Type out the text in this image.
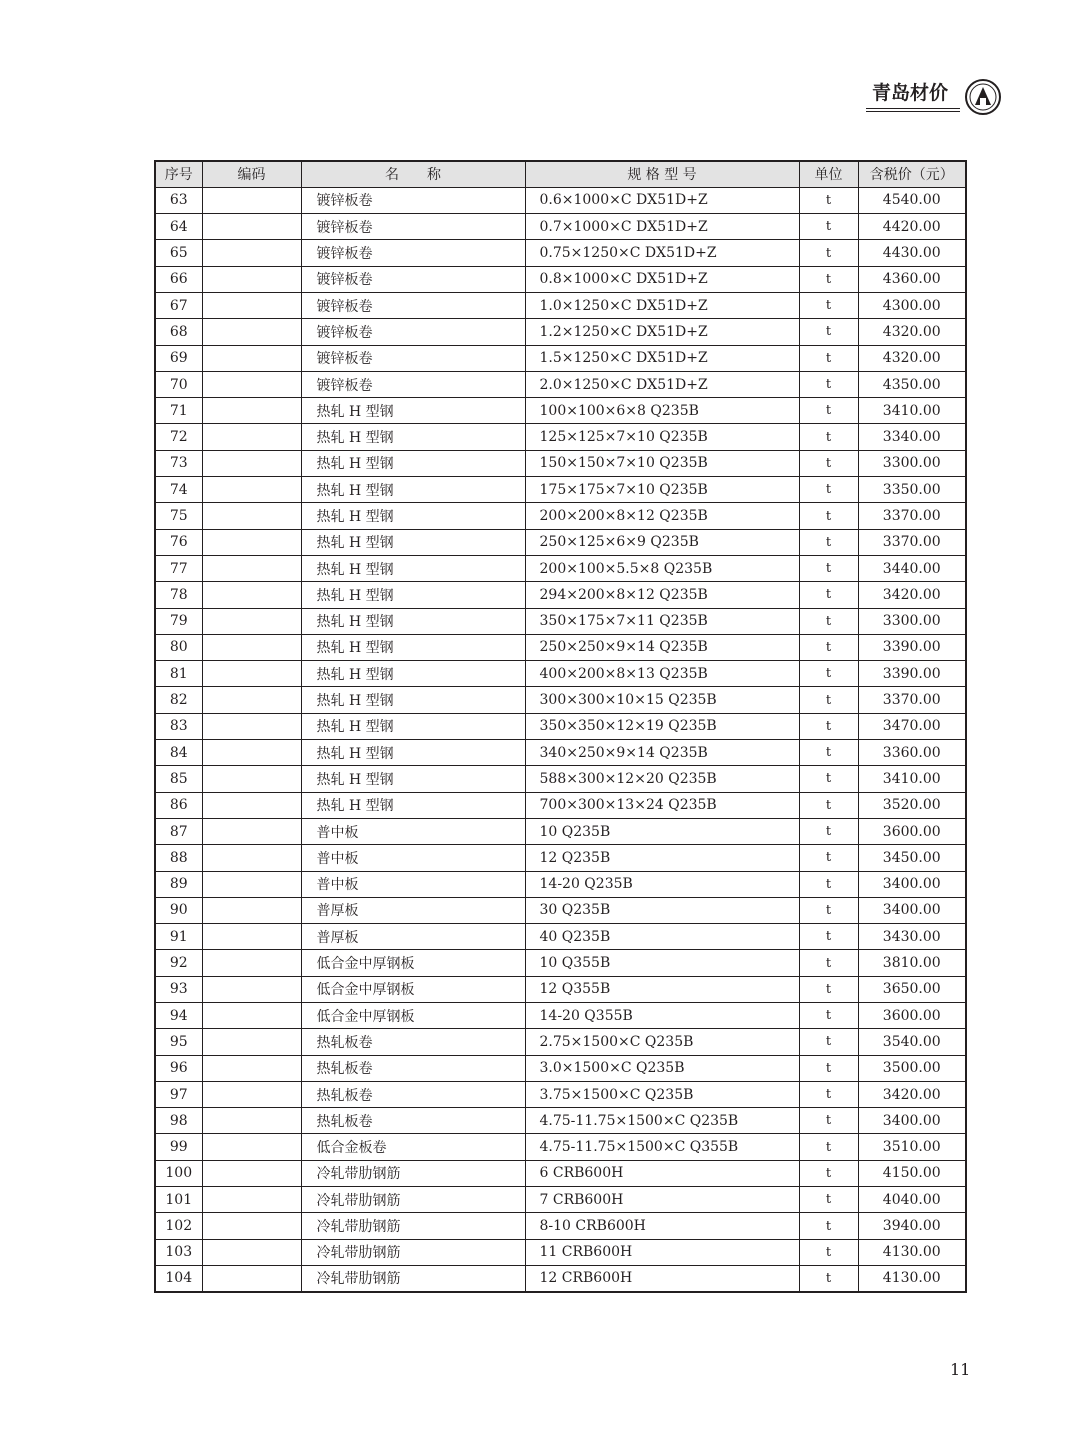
青岛材价
序号	编码	名　　称	规 格 型 号	单位	含税价（元）
63		镀锌板卷	0.6×1000×C DX51D+Z	t	4540.00
64		镀锌板卷	0.7×1000×C DX51D+Z	t	4420.00
65		镀锌板卷	0.75×1250×C DX51D+Z	t	4430.00
66		镀锌板卷	0.8×1000×C DX51D+Z	t	4360.00
67		镀锌板卷	1.0×1250×C DX51D+Z	t	4300.00
68		镀锌板卷	1.2×1250×C DX51D+Z	t	4320.00
69		镀锌板卷	1.5×1250×C DX51D+Z	t	4320.00
70		镀锌板卷	2.0×1250×C DX51D+Z	t	4350.00
71		热轧 H 型钢	100×100×6×8 Q235B	t	3410.00
72		热轧 H 型钢	125×125×7×10 Q235B	t	3340.00
73		热轧 H 型钢	150×150×7×10 Q235B	t	3300.00
74		热轧 H 型钢	175×175×7×10 Q235B	t	3350.00
75		热轧 H 型钢	200×200×8×12 Q235B	t	3370.00
76		热轧 H 型钢	250×125×6×9 Q235B	t	3370.00
77		热轧 H 型钢	200×100×5.5×8 Q235B	t	3440.00
78		热轧 H 型钢	294×200×8×12 Q235B	t	3420.00
79		热轧 H 型钢	350×175×7×11 Q235B	t	3300.00
80		热轧 H 型钢	250×250×9×14 Q235B	t	3390.00
81		热轧 H 型钢	400×200×8×13 Q235B	t	3390.00
82		热轧 H 型钢	300×300×10×15 Q235B	t	3370.00
83		热轧 H 型钢	350×350×12×19 Q235B	t	3470.00
84		热轧 H 型钢	340×250×9×14 Q235B	t	3360.00
85		热轧 H 型钢	588×300×12×20 Q235B	t	3410.00
86		热轧 H 型钢	700×300×13×24 Q235B	t	3520.00
87		普中板	10 Q235B	t	3600.00
88		普中板	12 Q235B	t	3450.00
89		普中板	14-20 Q235B	t	3400.00
90		普厚板	30 Q235B	t	3400.00
91		普厚板	40 Q235B	t	3430.00
92		低合金中厚钢板	10 Q355B	t	3810.00
93		低合金中厚钢板	12 Q355B	t	3650.00
94		低合金中厚钢板	14-20 Q355B	t	3600.00
95		热轧板卷	2.75×1500×C Q235B	t	3540.00
96		热轧板卷	3.0×1500×C Q235B	t	3500.00
97		热轧板卷	3.75×1500×C Q235B	t	3420.00
98		热轧板卷	4.75-11.75×1500×C Q235B	t	3400.00
99		低合金板卷	4.75-11.75×1500×C Q355B	t	3510.00
100		冷轧带肋钢筋	6 CRB600H	t	4150.00
101		冷轧带肋钢筋	7 CRB600H	t	4040.00
102		冷轧带肋钢筋	8-10 CRB600H	t	3940.00
103		冷轧带肋钢筋	11 CRB600H	t	4130.00
104		冷轧带肋钢筋	12 CRB600H	t	4130.00
11
